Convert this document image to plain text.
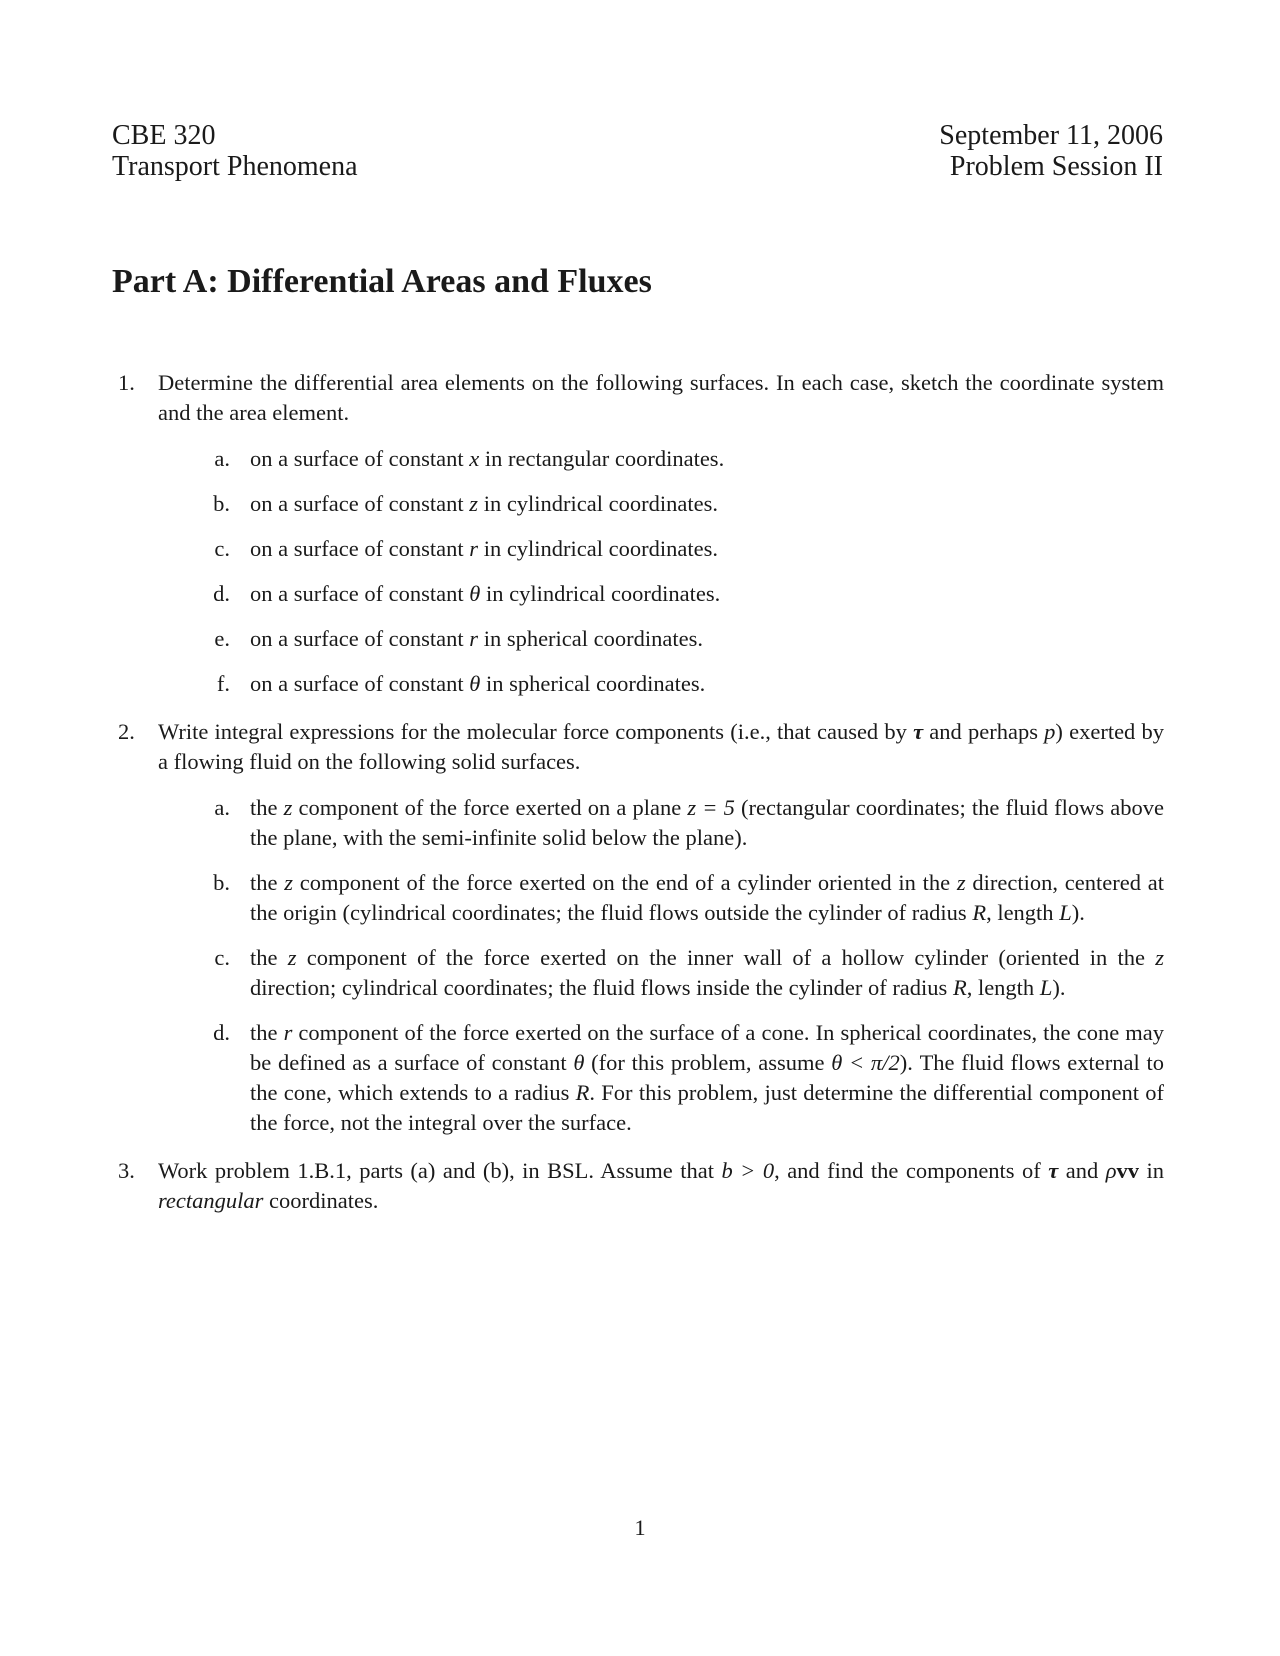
CBE 320
Transport Phenomena
September 11, 2006
Problem Session II
Part A: Differential Areas and Fluxes
1. Determine the differential area elements on the following surfaces. In each case, sketch the coordinate system and the area element.
a. on a surface of constant x in rectangular coordinates.
b. on a surface of constant z in cylindrical coordinates.
c. on a surface of constant r in cylindrical coordinates.
d. on a surface of constant θ in cylindrical coordinates.
e. on a surface of constant r in spherical coordinates.
f. on a surface of constant θ in spherical coordinates.
2. Write integral expressions for the molecular force components (i.e., that caused by τ and perhaps p) exerted by a flowing fluid on the following solid surfaces.
a. the z component of the force exerted on a plane z = 5 (rectangular coordinates; the fluid flows above the plane, with the semi-infinite solid below the plane).
b. the z component of the force exerted on the end of a cylinder oriented in the z direction, centered at the origin (cylindrical coordinates; the fluid flows outside the cylinder of radius R, length L).
c. the z component of the force exerted on the inner wall of a hollow cylinder (oriented in the z direction; cylindrical coordinates; the fluid flows inside the cylinder of radius R, length L).
d. the r component of the force exerted on the surface of a cone. In spherical coordinates, the cone may be defined as a surface of constant θ (for this problem, assume θ < π/2). The fluid flows external to the cone, which extends to a radius R. For this problem, just determine the differential component of the force, not the integral over the surface.
3. Work problem 1.B.1, parts (a) and (b), in BSL. Assume that b > 0, and find the components of τ and ρvv in rectangular coordinates.
1
